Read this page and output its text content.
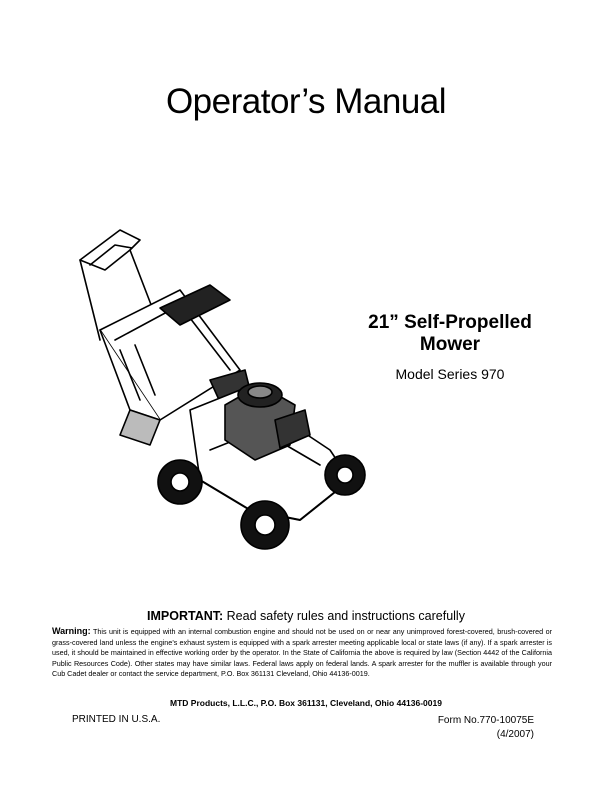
Operator’s Manual
21” Self-Propelled
Mower
Model Series 970
IMPORTANT: Read safety rules and instructions carefully
Warning: This unit is equipped with an internal combustion engine and should not be used on or near any unimproved forest-covered, brush-covered or grass-covered land unless the engine’s exhaust system is equipped with a spark arrester meeting applicable local or state laws (if any). If a spark arrester is used, it should be maintained in effective working order by the operator. In the State of California the above is required by law (Section 4442 of the California Public Resources Code). Other states may have similar laws. Federal laws apply on federal lands. A spark arrester for the muffler is available through your Cub Cadet dealer or contact the service department, P.O. Box 361131 Cleveland, Ohio 44136-0019.
MTD Products, L.L.C., P.O. Box 361131, Cleveland, Ohio 44136-0019
PRINTED IN U.S.A.	Form No.770-10075E
(4/2007)
